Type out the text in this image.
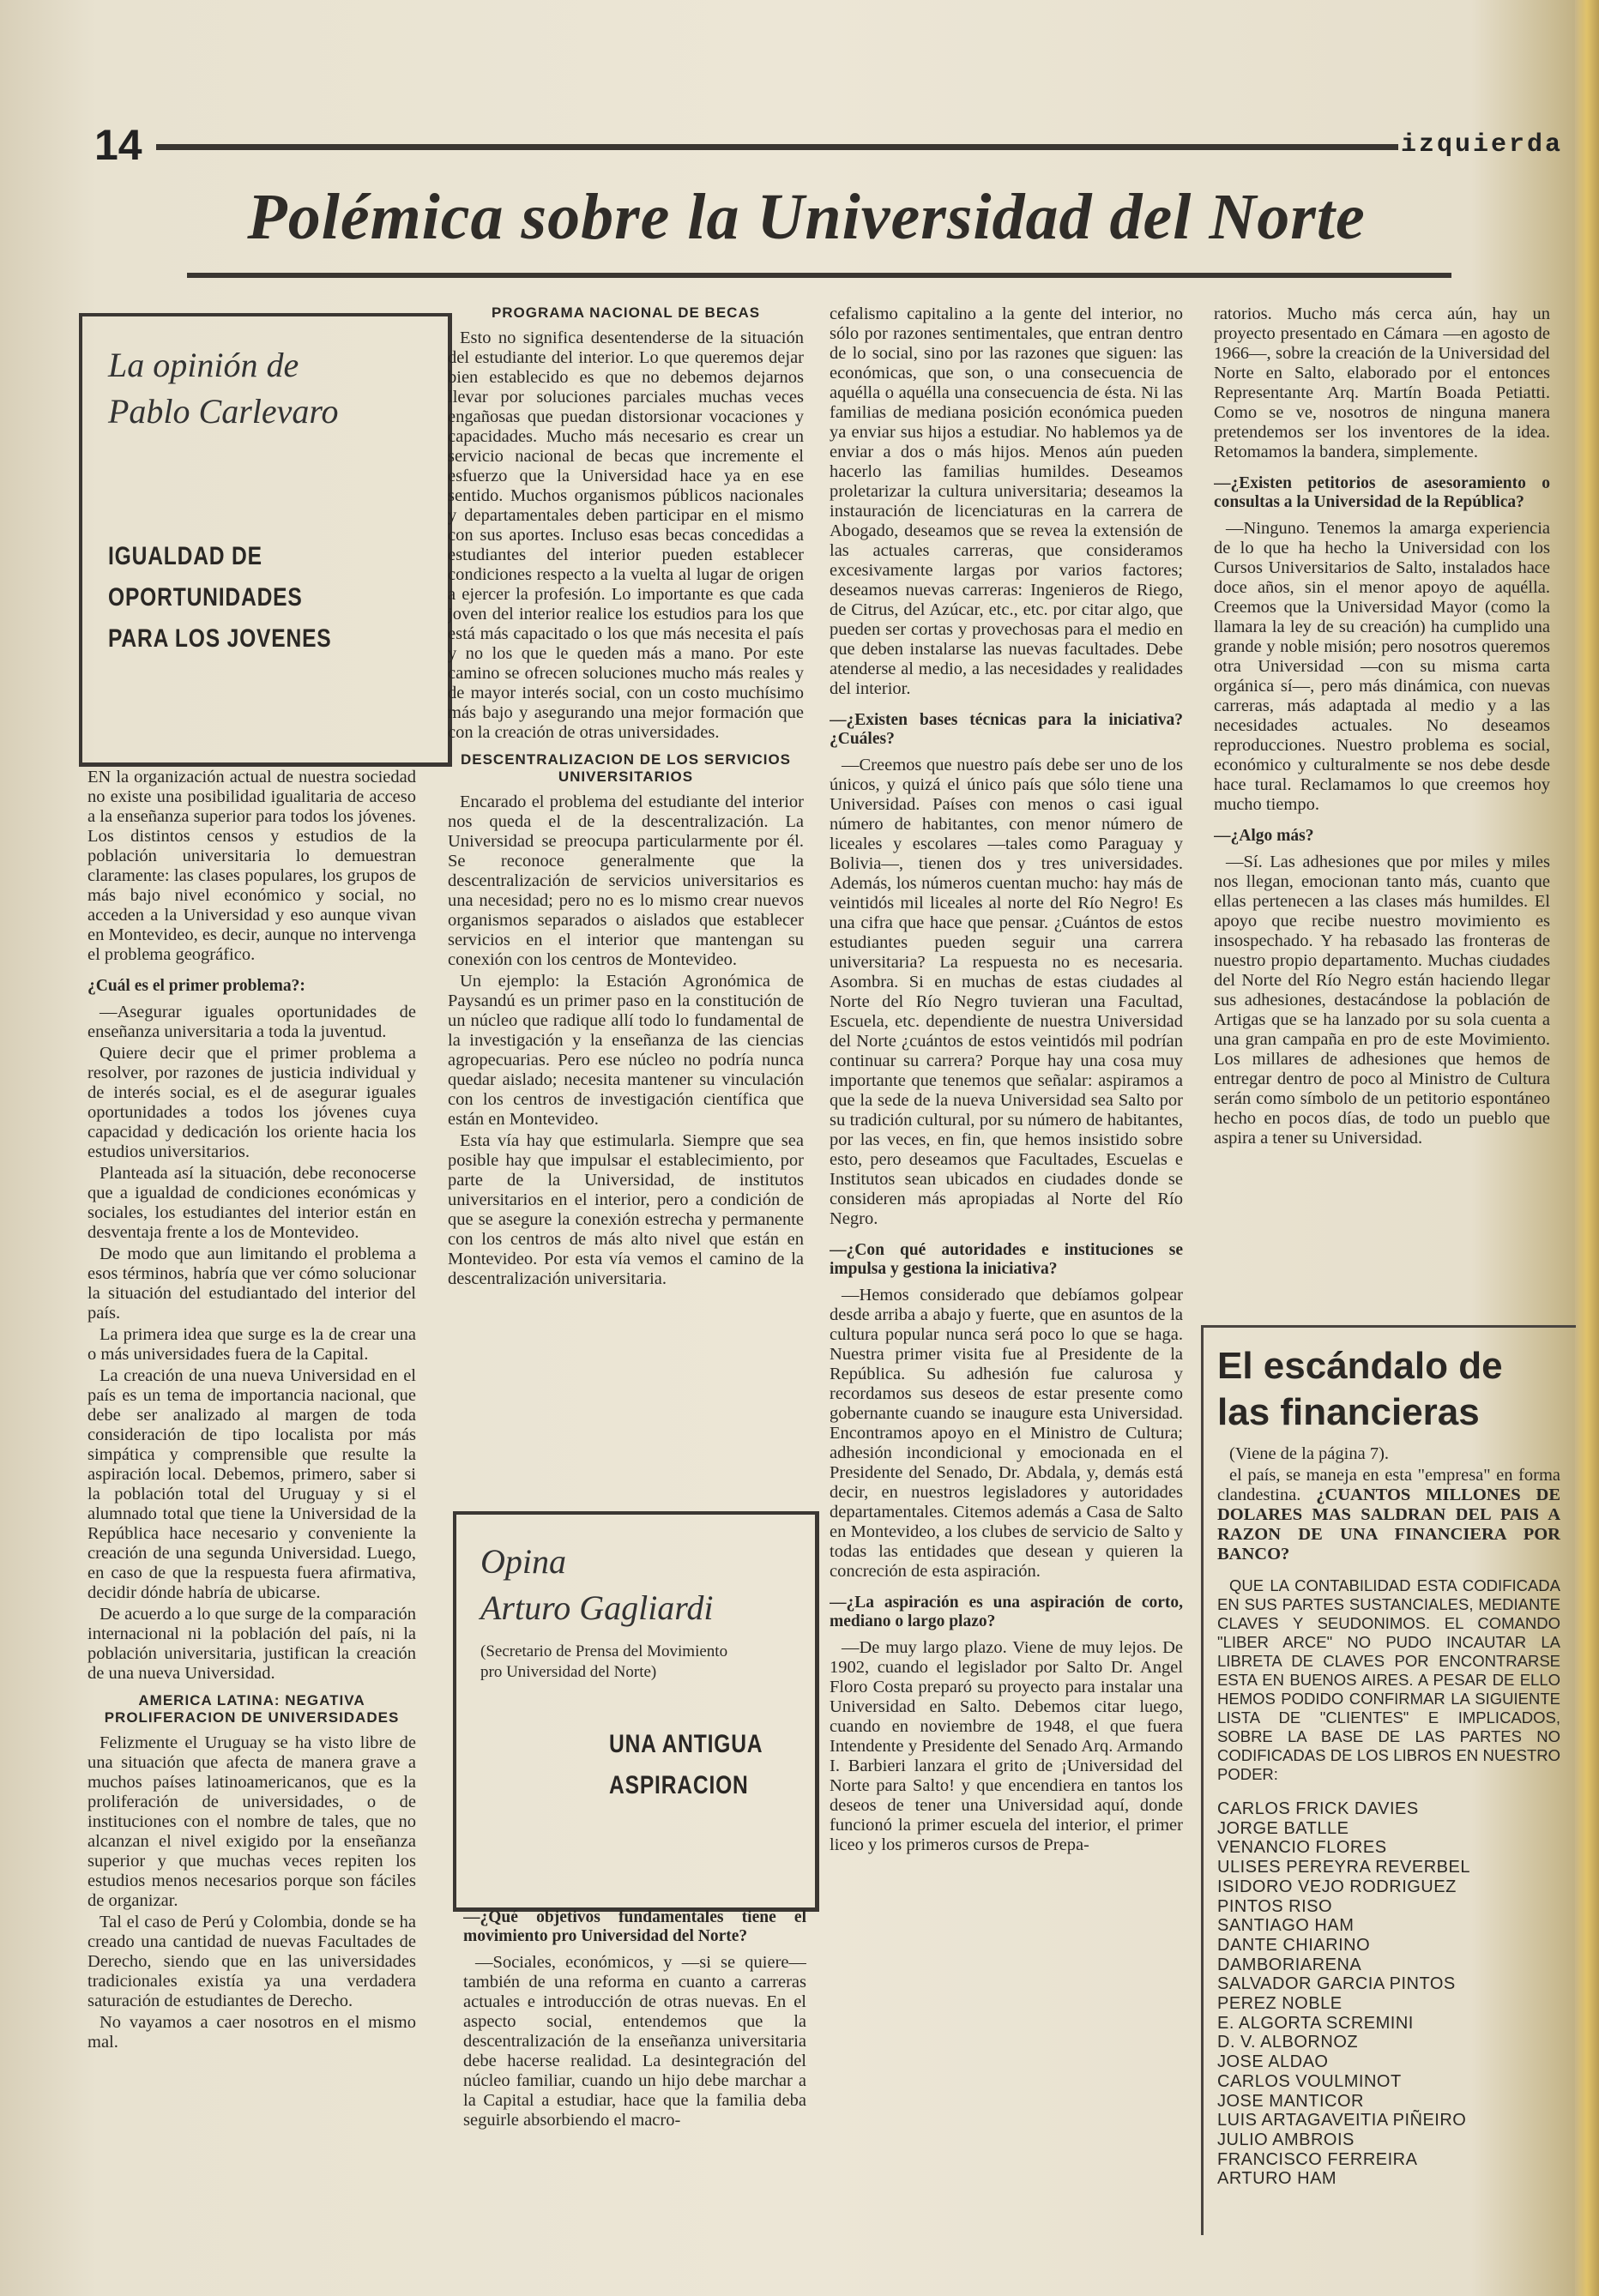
14	izquierda
Polémica sobre la Universidad del Norte
La opinión de
Pablo Carlevaro
IGUALDAD DE
OPORTUNIDADES
PARA LOS JOVENES

EN la organización actual de nuestra sociedad no existe una posibilidad igualitaria de acceso a la enseñanza superior para todos los jóvenes. Los distintos censos y estudios de la población universitaria lo demuestran claramente: las clases populares, los grupos de más bajo nivel económico y social, no acceden a la Universidad y eso aunque vivan en Montevideo, es decir, aunque no intervenga el problema geográfico.

¿Cuál es el primer problema?:

—Asegurar iguales oportunidades de enseñanza universitaria a toda la juventud.

Quiere decir que el primer problema a resolver, por razones de justicia individual y de interés social, es el de asegurar iguales oportunidades a todos los jóvenes cuya capacidad y dedicación los oriente hacia los estudios universitarios.

Planteada así la situación, debe reconocerse que a igualdad de condiciones económicas y sociales, los estudiantes del interior están en desventaja frente a los de Montevideo.

De modo que aun limitando el problema a esos términos, habría que ver cómo solucionar la situación del estudiantado del interior del país.

La primera idea que surge es la de crear una o más universidades fuera de la Capital.

La creación de una nueva Universidad en el país es un tema de importancia nacional, que debe ser analizado al margen de toda consideración de tipo localista por más simpática y comprensible que resulte la aspiración local. Debemos, primero, saber si la población total del Uruguay y si el alumnado total que tiene la Universidad de la República hace necesario y conveniente la creación de una segunda Universidad. Luego, en caso de que la respuesta fuera afirmativa, decidir dónde habría de ubicarse.

De acuerdo a lo que surge de la comparación internacional ni la población del país, ni la población universitaria, justifican la creación de una nueva Universidad.

AMERICA LATINA: NEGATIVA PROLIFERACION DE UNIVERSIDADES

Felizmente el Uruguay se ha visto libre de una situación que afecta de manera grave a muchos países latinoamericanos, que es la proliferación de universidades, o de instituciones con el nombre de tales, que no alcanzan el nivel exigido por la enseñanza superior y que muchas veces repiten los estudios menos necesarios porque son fáciles de organizar.

Tal el caso de Perú y Colombia, donde se ha creado una cantidad de nuevas Facultades de Derecho, siendo que en las universidades tradicionales existía ya una verdadera saturación de estudiantes de Derecho.

No vayamos a caer nosotros en el mismo mal.

PROGRAMA NACIONAL DE BECAS

Esto no significa desentenderse de la situación del estudiante del interior. Lo que queremos dejar bien establecido es que no debemos dejarnos llevar por soluciones parciales muchas veces engañosas que puedan distorsionar vocaciones y capacidades. Mucho más necesario es crear un servicio nacional de becas que incremente el esfuerzo que la Universidad hace ya en ese sentido. Muchos organismos públicos nacionales y departamentales deben participar en el mismo con sus aportes. Incluso esas becas concedidas a estudiantes del interior pueden establecer condiciones respecto a la vuelta al lugar de origen a ejercer la profesión. Lo importante es que cada joven del interior realice los estudios para los que está más capacitado o los que más necesita el país y no los que le queden más a mano. Por este camino se ofrecen soluciones mucho más reales y de mayor interés social, con un costo muchísimo más bajo y asegurando una mejor formación que con la creación de otras universidades.

DESCENTRALIZACION DE LOS SERVICIOS UNIVERSITARIOS

Encarado el problema del estudiante del interior nos queda el de la descentralización. La Universidad se preocupa particularmente por él. Se reconoce generalmente que la descentralización de servicios universitarios es una necesidad; pero no es lo mismo crear nuevos organismos separados o aislados que establecer servicios en el interior que mantengan su conexión con los centros de Montevideo.

Un ejemplo: la Estación Agronómica de Paysandú es un primer paso en la constitución de un núcleo que radique allí todo lo fundamental de la investigación y la enseñanza de las ciencias agropecuarias. Pero ese núcleo no podría nunca quedar aislado; necesita mantener su vinculación con los centros de investigación científica que están en Montevideo.

Esta vía hay que estimularla. Siempre que sea posible hay que impulsar el establecimiento, por parte de la Universidad, de institutos universitarios en el interior, pero a condición de que se asegure la conexión estrecha y permanente con los centros de más alto nivel que están en Montevideo. Por esta vía vemos el camino de la descentralización universitaria.

Opina
Arturo Gagliardi
(Secretario de Prensa del Movimiento pro Universidad del Norte)
UNA ANTIGUA
ASPIRACION
—¿Qué objetivos fundamentales tiene el movimiento pro Universidad del Norte?

—Sociales, económicos, y —si se quiere— también de una reforma en cuanto a carreras actuales e introducción de otras nuevas. En el aspecto social, entendemos que la descentralización de la enseñanza universitaria debe hacerse realidad. La desintegración del núcleo familiar, cuando un hijo debe marchar a la Capital a estudiar, hace que la familia deba seguirle absorbiendo el macro-

cefalismo capitalino a la gente del interior, no sólo por razones sentimentales, que entran dentro de lo social, sino por las razones que siguen: las económicas, que son, o una consecuencia de aquélla o aquélla una consecuencia de ésta. Ni las familias de mediana posición económica pueden ya enviar sus hijos a estudiar. No hablemos ya de enviar a dos o más hijos. Menos aún pueden hacerlo las familias humildes. Deseamos proletarizar la cultura universitaria; deseamos la instauración de licenciaturas en la carrera de Abogado, deseamos que se revea la extensión de las actuales carreras, que consideramos excesivamente largas por varios factores; deseamos nuevas carreras: Ingenieros de Riego, de Citrus, del Azúcar, etc., etc. por citar algo, que pueden ser cortas y provechosas para el medio en que deben instalarse las nuevas facultades. Debe atenderse al medio, a las necesidades y realidades del interior.

—¿Existen bases técnicas para la iniciativa? ¿Cuáles?

—Creemos que nuestro país debe ser uno de los únicos, y quizá el único país que sólo tiene una Universidad. Países con menos o casi igual número de habitantes, con menor número de liceales y escolares —tales como Paraguay y Bolivia—, tienen dos y tres universidades. Además, los números cuentan mucho: hay más de veintidós mil liceales al norte del Río Negro! Es una cifra que hace que pensar. ¿Cuántos de estos estudiantes pueden seguir una carrera universitaria? La respuesta no es necesaria. Asombra. Si en muchas de estas ciudades al Norte del Río Negro tuvieran una Facultad, Escuela, etc. dependiente de nuestra Universidad del Norte ¿cuántos de estos veintidós mil podrían continuar su carrera? Porque hay una cosa muy importante que tenemos que señalar: aspiramos a que la sede de la nueva Universidad sea Salto por su tradición cultural, por su número de habitantes, por las veces, en fin, que hemos insistido sobre esto, pero deseamos que Facultades, Escuelas e Institutos sean ubicados en ciudades donde se consideren más apropiadas al Norte del Río Negro.

—¿Con qué autoridades e instituciones se impulsa y gestiona la iniciativa?

—Hemos considerado que debíamos golpear desde arriba a abajo y fuerte, que en asuntos de la cultura popular nunca será poco lo que se haga. Nuestra primer visita fue al Presidente de la República. Su adhesión fue calurosa y recordamos sus deseos de estar presente como gobernante cuando se inaugure esta Universidad. Encontramos apoyo en el Ministro de Cultura; adhesión incondicional y emocionada en el Presidente del Senado, Dr. Abdala, y, demás está decir, en nuestros legisladores y autoridades departamentales. Citemos además a Casa de Salto en Montevideo, a los clubes de servicio de Salto y todas las entidades que desean y quieren la concreción de esta aspiración.

—¿La aspiración es una aspiración de corto, mediano o largo plazo?

—De muy largo plazo. Viene de muy lejos. De 1902, cuando el legislador por Salto Dr. Angel Floro Costa preparó su proyecto para instalar una Universidad en Salto. Debemos citar luego, cuando en noviembre de 1948, el que fuera Intendente y Presidente del Senado Arq. Armando I. Barbieri lanzara el grito de ¡Universidad del Norte para Salto! y que encendiera en tantos los deseos de tener una Universidad aquí, donde funcionó la primer escuela del interior, el primer liceo y los primeros cursos de Prepa-

ratorios. Mucho más cerca aún, hay un proyecto presentado en Cámara —en agosto de 1966—, sobre la creación de la Universidad del Norte en Salto, elaborado por el entonces Representante Arq. Martín Boada Petiatti. Como se ve, nosotros de ninguna manera pretendemos ser los inventores de la idea. Retomamos la bandera, simplemente.

—¿Existen petitorios de asesoramiento o consultas a la Universidad de la República?

—Ninguno. Tenemos la amarga experiencia de lo que ha hecho la Universidad con los Cursos Universitarios de Salto, instalados hace doce años, sin el menor apoyo de aquélla. Creemos que la Universidad Mayor (como la llamara la ley de su creación) ha cumplido una grande y noble misión; pero nosotros queremos otra Universidad —con su misma carta orgánica sí—, pero más dinámica, con nuevas carreras, más adaptada al medio y a las necesidades actuales. No deseamos reproducciones. Nuestro problema es social, económico y culturalmente se nos debe desde hace tural. Reclamamos lo que creemos hoy mucho tiempo.

—¿Algo más?

—Sí. Las adhesiones que por miles y miles nos llegan, emocionan tanto más, cuanto que ellas pertenecen a las clases más humildes. El apoyo que recibe nuestro movimiento es insospechado. Y ha rebasado las fronteras de nuestro propio departamento. Muchas ciudades del Norte del Río Negro están haciendo llegar sus adhesiones, destacándose la población de Artigas que se ha lanzado por su sola cuenta a una gran campaña en pro de este Movimiento. Los millares de adhesiones que hemos de entregar dentro de poco al Ministro de Cultura serán como símbolo de un petitorio espontáneo hecho en pocos días, de todo un pueblo que aspira a tener su Universidad.

El escándalo de
las financieras

(Viene de la página 7).

el país, se maneja en esta "empresa" en forma clandestina. ¿CUANTOS MILLONES DE DOLARES MAS SALDRAN DEL PAIS A RAZON DE UNA FINANCIERA POR BANCO?

QUE LA CONTABILIDAD ESTA CODIFICADA EN SUS PARTES SUSTANCIALES, MEDIANTE CLAVES Y SEUDONIMOS. EL COMANDO "LIBER ARCE" NO PUDO INCAUTAR LA LIBRETA DE CLAVES POR ENCONTRARSE ESTA EN BUENOS AIRES. A PESAR DE ELLO HEMOS PODIDO CONFIRMAR LA SIGUIENTE LISTA DE "CLIENTES" E IMPLICADOS, SOBRE LA BASE DE LAS PARTES NO CODIFICADAS DE LOS LIBROS EN NUESTRO PODER:

CARLOS FRICK DAVIES
JORGE BATLLE
VENANCIO FLORES
ULISES PEREYRA REVERBEL
ISIDORO VEJO RODRIGUEZ
PINTOS RISO
SANTIAGO HAM
DANTE CHIARINO
DAMBORIARENA
SALVADOR GARCIA PINTOS
PEREZ NOBLE
E. ALGORTA SCREMINI
D. V. ALBORNOZ
JOSE ALDAO
CARLOS VOULMINOT
JOSE MANTICOR
LUIS ARTAGAVEITIA PIÑEIRO
JULIO AMBROIS
FRANCISCO FERREIRA
ARTURO HAM
